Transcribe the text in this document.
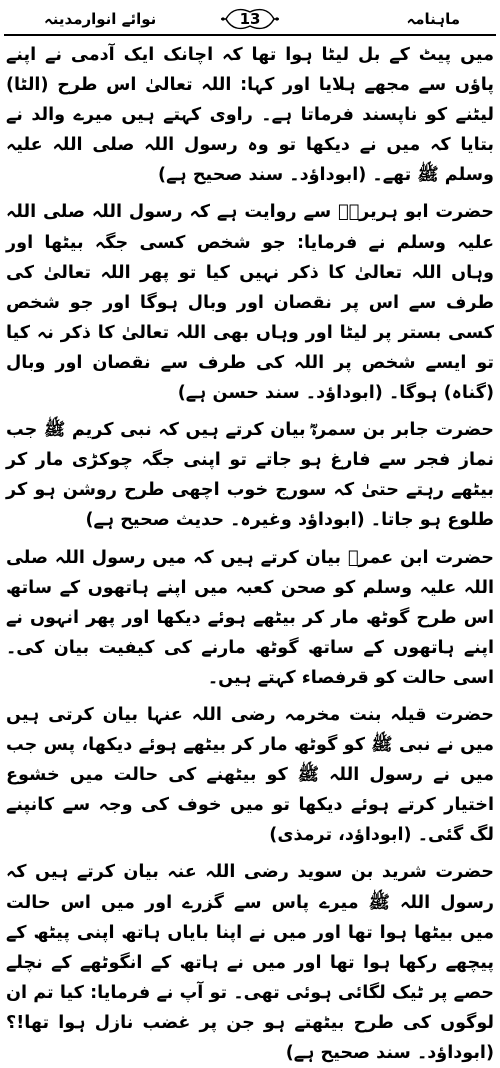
ماہنامہ
13
نوائے انوارمدینہ

میں پیٹ کے بل لیٹا ہوا تھا کہ اچانک ایک آدمی نے اپنے پاؤں سے مجھے ہلایا اور کہا: اللہ تعالیٰ اس طرح (الٹا) لیٹنے کو ناپسند فرماتا ہے۔ راوی کہتے ہیں میرے والد نے بتایا کہ میں نے دیکھا تو وہ رسول اللہ صلی اللہ علیہ وسلم ﷺ تھے۔ (ابوداؤد۔ سند صحیح ہے)

حضرت ابو ہریرہؓ سے روایت ہے کہ رسول اللہ صلی اللہ علیہ وسلم نے فرمایا: جو شخص کسی جگہ بیٹھا اور وہاں اللہ تعالیٰ کا ذکر نہیں کیا تو پھر اللہ تعالیٰ کی طرف سے اس پر نقصان اور وبال ہوگا اور جو شخص کسی بستر پر لیٹا اور وہاں بھی اللہ تعالیٰ کا ذکر نہ کیا تو ایسے شخص پر اللہ کی طرف سے نقصان اور وبال (گناہ) ہوگا۔ (ابوداؤد۔ سند حسن ہے)

حضرت جابر بن سمرہؓ بیان کرتے ہیں کہ نبی کریم ﷺ جب نماز فجر سے فارغ ہو جاتے تو اپنی جگہ چوکڑی مار کر بیٹھے رہتے حتیٰ کہ سورج خوب اچھی طرح روشن ہو کر طلوع ہو جاتا۔ (ابوداؤد وغیرہ۔ حدیث صحیح ہے)

حضرت ابن عمرؓ بیان کرتے ہیں کہ میں رسول اللہ صلی اللہ علیہ وسلم کو صحن کعبہ میں اپنے ہاتھوں کے ساتھ اس طرح گوٹھ مار کر بیٹھے ہوئے دیکھا اور پھر انہوں نے اپنے ہاتھوں کے ساتھ گوٹھ مارنے کی کیفیت بیان کی۔ اسی حالت کو قرفصاء کہتے ہیں۔

حضرت قیلہ بنت مخرمہ رضی اللہ عنہا بیان کرتی ہیں میں نے نبی ﷺ کو گوٹھ مار کر بیٹھے ہوئے دیکھا، پس جب میں نے رسول اللہ ﷺ کو بیٹھنے کی حالت میں خشوع اختیار کرتے ہوئے دیکھا تو میں خوف کی وجہ سے کانپنے لگ گئی۔ (ابوداؤد، ترمذی)

حضرت شرید بن سوید رضی اللہ عنہ بیان کرتے ہیں کہ رسول اللہ ﷺ میرے پاس سے گزرے اور میں اس حالت میں بیٹھا ہوا تھا اور میں نے اپنا بایاں ہاتھ اپنی پیٹھ کے پیچھے رکھا ہوا تھا اور میں نے ہاتھ کے انگوٹھے کے نچلے حصے پر ٹیک لگائی ہوئی تھی۔ تو آپ نے فرمایا: کیا تم ان لوگوں کی طرح بیٹھتے ہو جن پر غضب نازل ہوا تھا!؟ (ابوداؤد۔ سند صحیح ہے)
